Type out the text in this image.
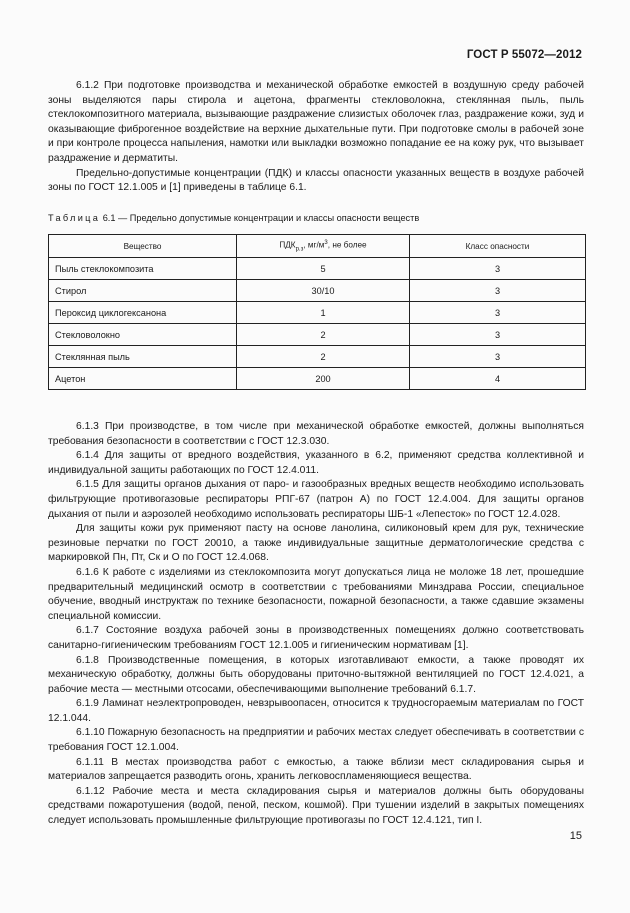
ГОСТ Р 55072—2012

6.1.2 При подготовке производства и механической обработке емкостей в воздушную среду рабочей зоны выделяются пары стирола и ацетона, фрагменты стекловолокна, стеклянная пыль, пыль стеклокомпозитного материала, вызывающие раздражение слизистых оболочек глаз, раздражение кожи, зуд и оказывающие фиброгенное воздействие на верхние дыхательные пути. При подготовке смолы в рабочей зоне и при контроле процесса напыления, намотки или выкладки возможно попадание ее на кожу рук, что вызывает раздражение и дерматиты.

Предельно-допустимые концентрации (ПДК) и классы опасности указанных веществ в воздухе рабочей зоны по ГОСТ 12.1.005 и [1] приведены в таблице 6.1.

Таблица 6.1 — Предельно допустимые концентрации и классы опасности веществ
Вещество	$ПДК_{р.з}$, $мг/м^3$, не более	Класс опасности
Пыль стеклокомпозита	5	3
Стирол	30/10	3
Пероксид циклогексанона	1	3
Стекловолокно	2	3
Стеклянная пыль	2	3
Ацетон	200	4

6.1.3 При производстве, в том числе при механической обработке емкостей, должны выполняться требования безопасности в соответствии с ГОСТ 12.3.030.

6.1.4 Для защиты от вредного воздействия, указанного в 6.2, применяют средства коллективной и индивидуальной защиты работающих по ГОСТ 12.4.011.

6.1.5 Для защиты органов дыхания от паро- и газообразных вредных веществ необходимо использовать фильтрующие противогазовые респираторы РПГ-67 (патрон А) по ГОСТ 12.4.004. Для защиты органов дыхания от пыли и аэрозолей необходимо использовать респираторы ШБ-1 «Лепесток» по ГОСТ 12.4.028.

Для защиты кожи рук применяют пасту на основе ланолина, силиконовый крем для рук, технические резиновые перчатки по ГОСТ 20010, а также индивидуальные защитные дерматологические средства с маркировкой Пн, Пт, Ск и О по ГОСТ 12.4.068.

6.1.6 К работе с изделиями из стеклокомпозита могут допускаться лица не моложе 18 лет, прошедшие предварительный медицинский осмотр в соответствии с требованиями Минздрава России, специальное обучение, вводный инструктаж по технике безопасности, пожарной безопасности, а также сдавшие экзамены специальной комиссии.

6.1.7 Состояние воздуха рабочей зоны в производственных помещениях должно соответствовать санитарно-гигиеническим требованиям ГОСТ 12.1.005 и гигиеническим нормативам [1].

6.1.8 Производственные помещения, в которых изготавливают емкости, а также проводят их механическую обработку, должны быть оборудованы приточно-вытяжной вентиляцией по ГОСТ 12.4.021, а рабочие места — местными отсосами, обеспечивающими выполнение требований 6.1.7.

6.1.9 Ламинат неэлектропроводен, невзрывоопасен, относится к трудносгораемым материалам по ГОСТ 12.1.044.

6.1.10 Пожарную безопасность на предприятии и рабочих местах следует обеспечивать в соответствии с требования ГОСТ 12.1.004.

6.1.11 В местах производства работ с емкостью, а также вблизи мест складирования сырья и материалов запрещается разводить огонь, хранить легковоспламеняющиеся вещества.

6.1.12 Рабочие места и места складирования сырья и материалов должны быть оборудованы средствами пожаротушения (водой, пеной, песком, кошмой). При тушении изделий в закрытых помещениях следует использовать промышленные фильтрующие противогазы по ГОСТ 12.4.121, тип I.

15
